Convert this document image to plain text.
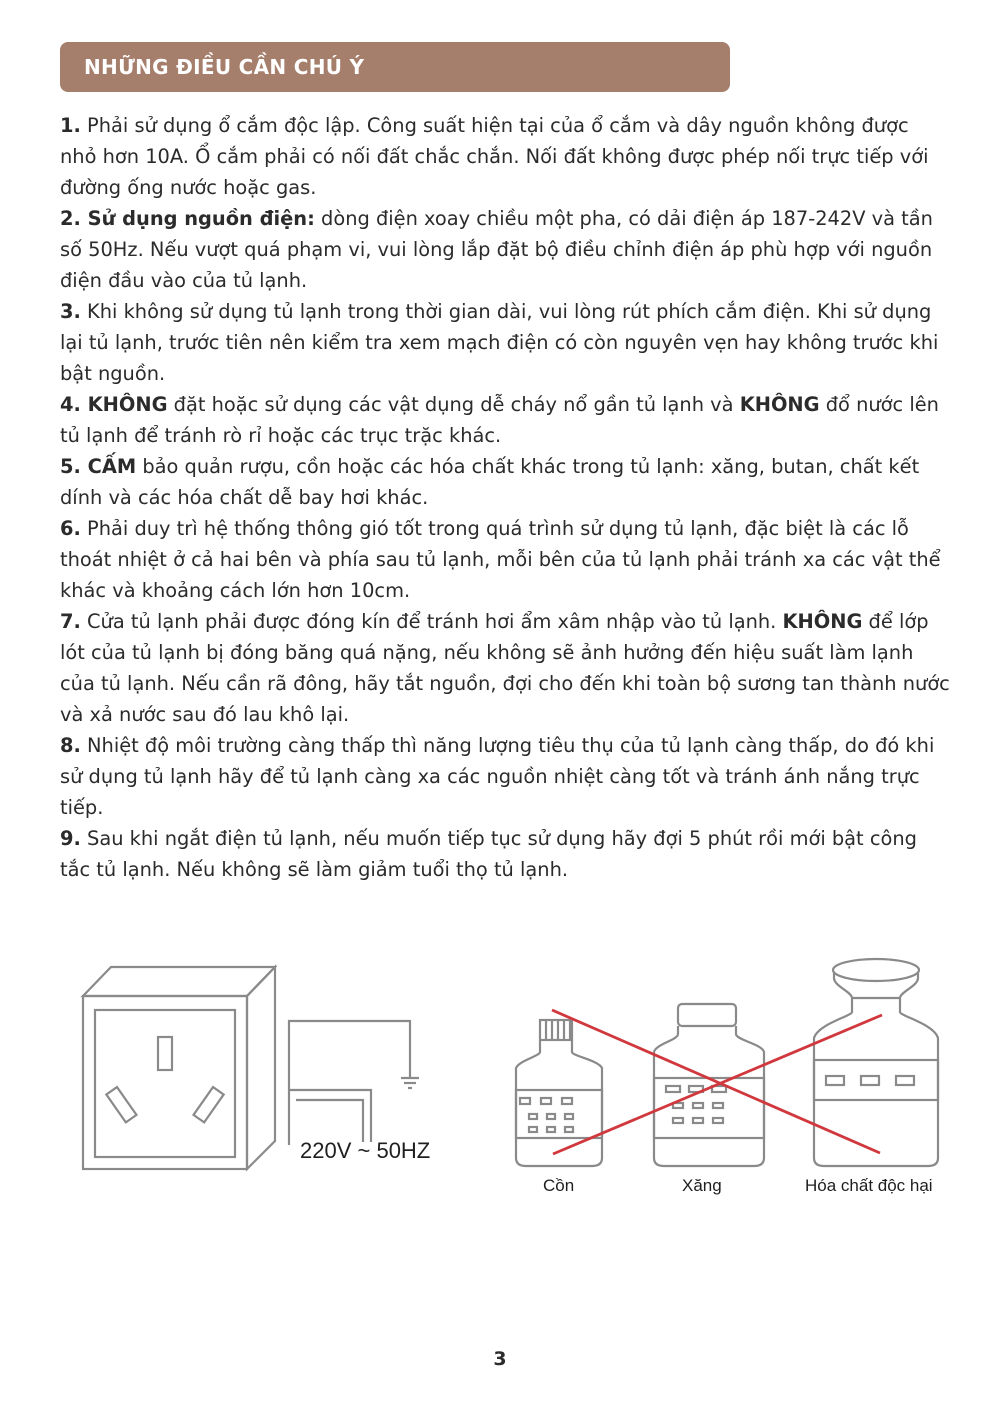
NHỮNG ĐIỀU CẦN CHÚ Ý

1. Phải sử dụng ổ cắm độc lập. Công suất hiện tại của ổ cắm và dây nguồn không được nhỏ hơn 10A. Ổ cắm phải có nối đất chắc chắn. Nối đất không được phép nối trực tiếp với đường ống nước hoặc gas.

2. Sử dụng nguồn điện: dòng điện xoay chiều một pha, có dải điện áp 187-242V và tần số 50Hz. Nếu vượt quá phạm vi, vui lòng lắp đặt bộ điều chỉnh điện áp phù hợp với nguồn điện đầu vào của tủ lạnh.

3. Khi không sử dụng tủ lạnh trong thời gian dài, vui lòng rút phích cắm điện. Khi sử dụng lại tủ lạnh, trước tiên nên kiểm tra xem mạch điện có còn nguyên vẹn hay không trước khi bật nguồn.

4. KHÔNG đặt hoặc sử dụng các vật dụng dễ cháy nổ gần tủ lạnh và KHÔNG đổ nước lên tủ lạnh để tránh rò rỉ hoặc các trục trặc khác.

5. CẤM bảo quản rượu, cồn hoặc các hóa chất khác trong tủ lạnh: xăng, butan, chất kết dính và các hóa chất dễ bay hơi khác.

6. Phải duy trì hệ thống thông gió tốt trong quá trình sử dụng tủ lạnh, đặc biệt là các lỗ thoát nhiệt ở cả hai bên và phía sau tủ lạnh, mỗi bên của tủ lạnh phải tránh xa các vật thể khác và khoảng cách lớn hơn 10cm.

7. Cửa tủ lạnh phải được đóng kín để tránh hơi ẩm xâm nhập vào tủ lạnh. KHÔNG để lớp lót của tủ lạnh bị đóng băng quá nặng, nếu không sẽ ảnh hưởng đến hiệu suất làm lạnh của tủ lạnh. Nếu cần rã đông, hãy tắt nguồn, đợi cho đến khi toàn bộ sương tan thành nước và xả nước sau đó lau khô lại.

8. Nhiệt độ môi trường càng thấp thì năng lượng tiêu thụ của tủ lạnh càng thấp, do đó khi sử dụng tủ lạnh hãy để tủ lạnh càng xa các nguồn nhiệt càng tốt và tránh ánh nắng trực tiếp.

9. Sau khi ngắt điện tủ lạnh, nếu muốn tiếp tục sử dụng hãy đợi 5 phút rồi mới bật công tắc tủ lạnh. Nếu không sẽ làm giảm tuổi thọ tủ lạnh.

220V ~ 50HZ
Cồn	Xăng	Hóa chất độc hại
3
